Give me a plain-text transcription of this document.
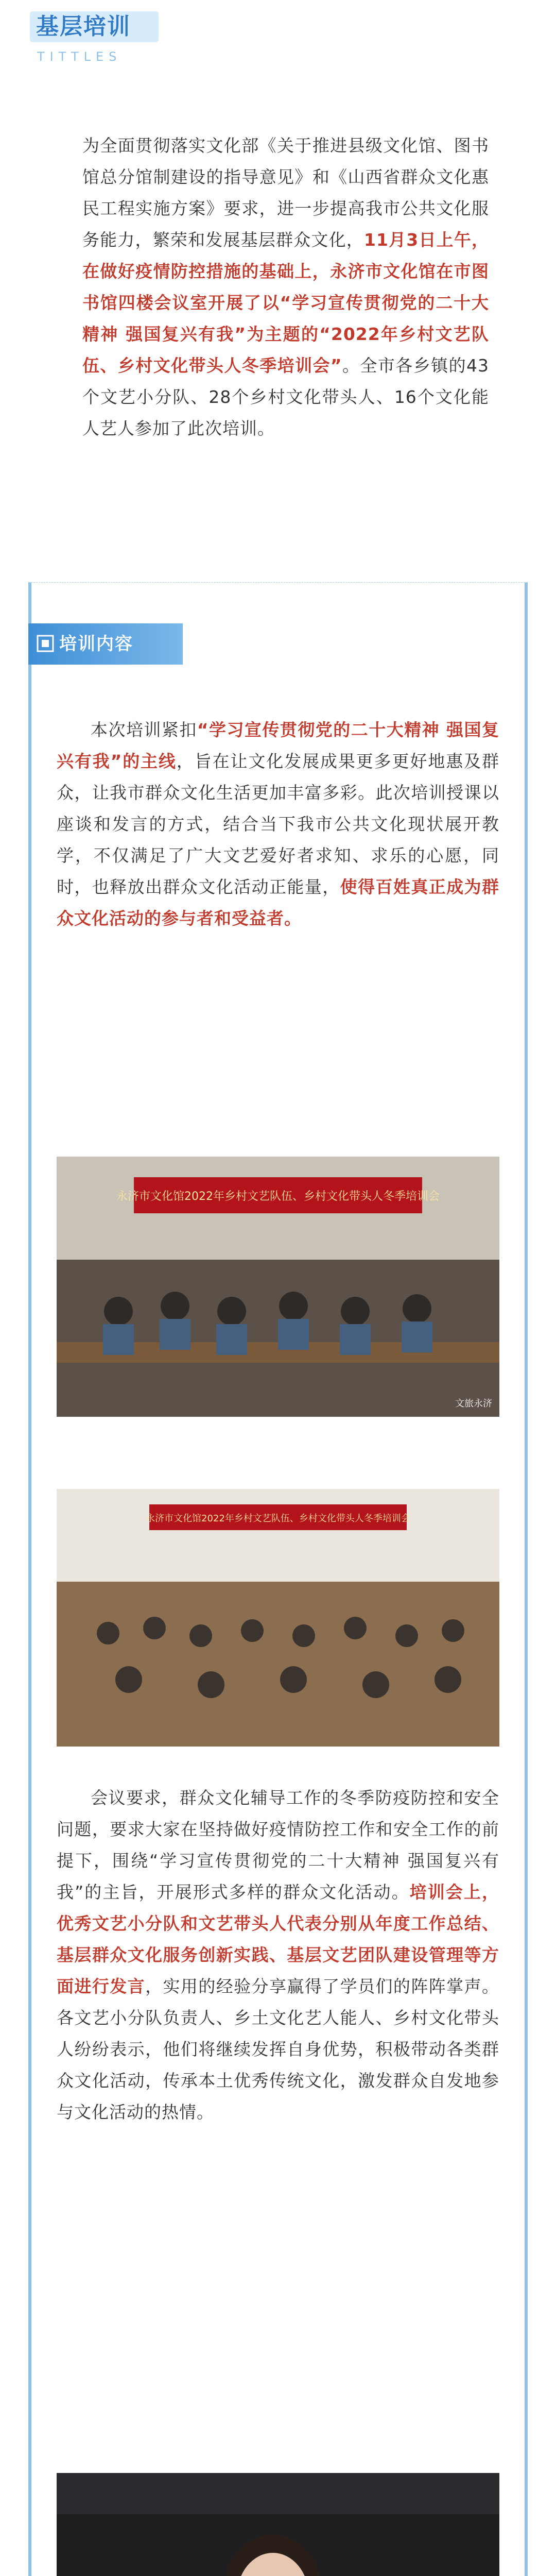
基层培训
TITTLES

为全面贯彻落实文化部《关于推进县级文化馆、图书馆总分馆制建设的指导意见》和《山西省群众文化惠民工程实施方案》要求，进一步提高我市公共文化服务能力，繁荣和发展基层群众文化，11月3日上午，在做好疫情防控措施的基础上，永济市文化馆在市图书馆四楼会议室开展了以“学习宣传贯彻党的二十大精神 强国复兴有我”为主题的“2022年乡村文艺队伍、乡村文化带头人冬季培训会”。全市各乡镇的43个文艺小分队、28个乡村文化带头人、16个文化能人艺人参加了此次培训。

培训内容

本次培训紧扣“学习宣传贯彻党的二十大精神 强国复兴有我”的主线，旨在让文化发展成果更多更好地惠及群众，让我市群众文化生活更加丰富多彩。此次培训授课以座谈和发言的方式，结合当下我市公共文化现状展开教学，不仅满足了广大文艺爱好者求知、求乐的心愿，同时，也释放出群众文化活动正能量，使得百姓真正成为群众文化活动的参与者和受益者。

永济市文化馆2022年乡村文艺队伍、乡村文化带头人冬季培训会
文旅永济
永济市文化馆2022年乡村文艺队伍、乡村文化带头人冬季培训会

会议要求，群众文化辅导工作的冬季防疫防控和安全问题，要求大家在坚持做好疫情防控工作和安全工作的前提下，围绕“学习宣传贯彻党的二十大精神 强国复兴有我”的主旨，开展形式多样的群众文化活动。培训会上，优秀文艺小分队和文艺带头人代表分别从年度工作总结、基层群众文化服务创新实践、基层文艺团队建设管理等方面进行发言，实用的经验分享赢得了学员们的阵阵掌声。各文艺小分队负责人、乡土文化艺人能人、乡村文化带头人纷纷表示，他们将继续发挥自身优势，积极带动各类群众文化活动，传承本土优秀传统文化，激发群众自发地参与文化活动的热情。
